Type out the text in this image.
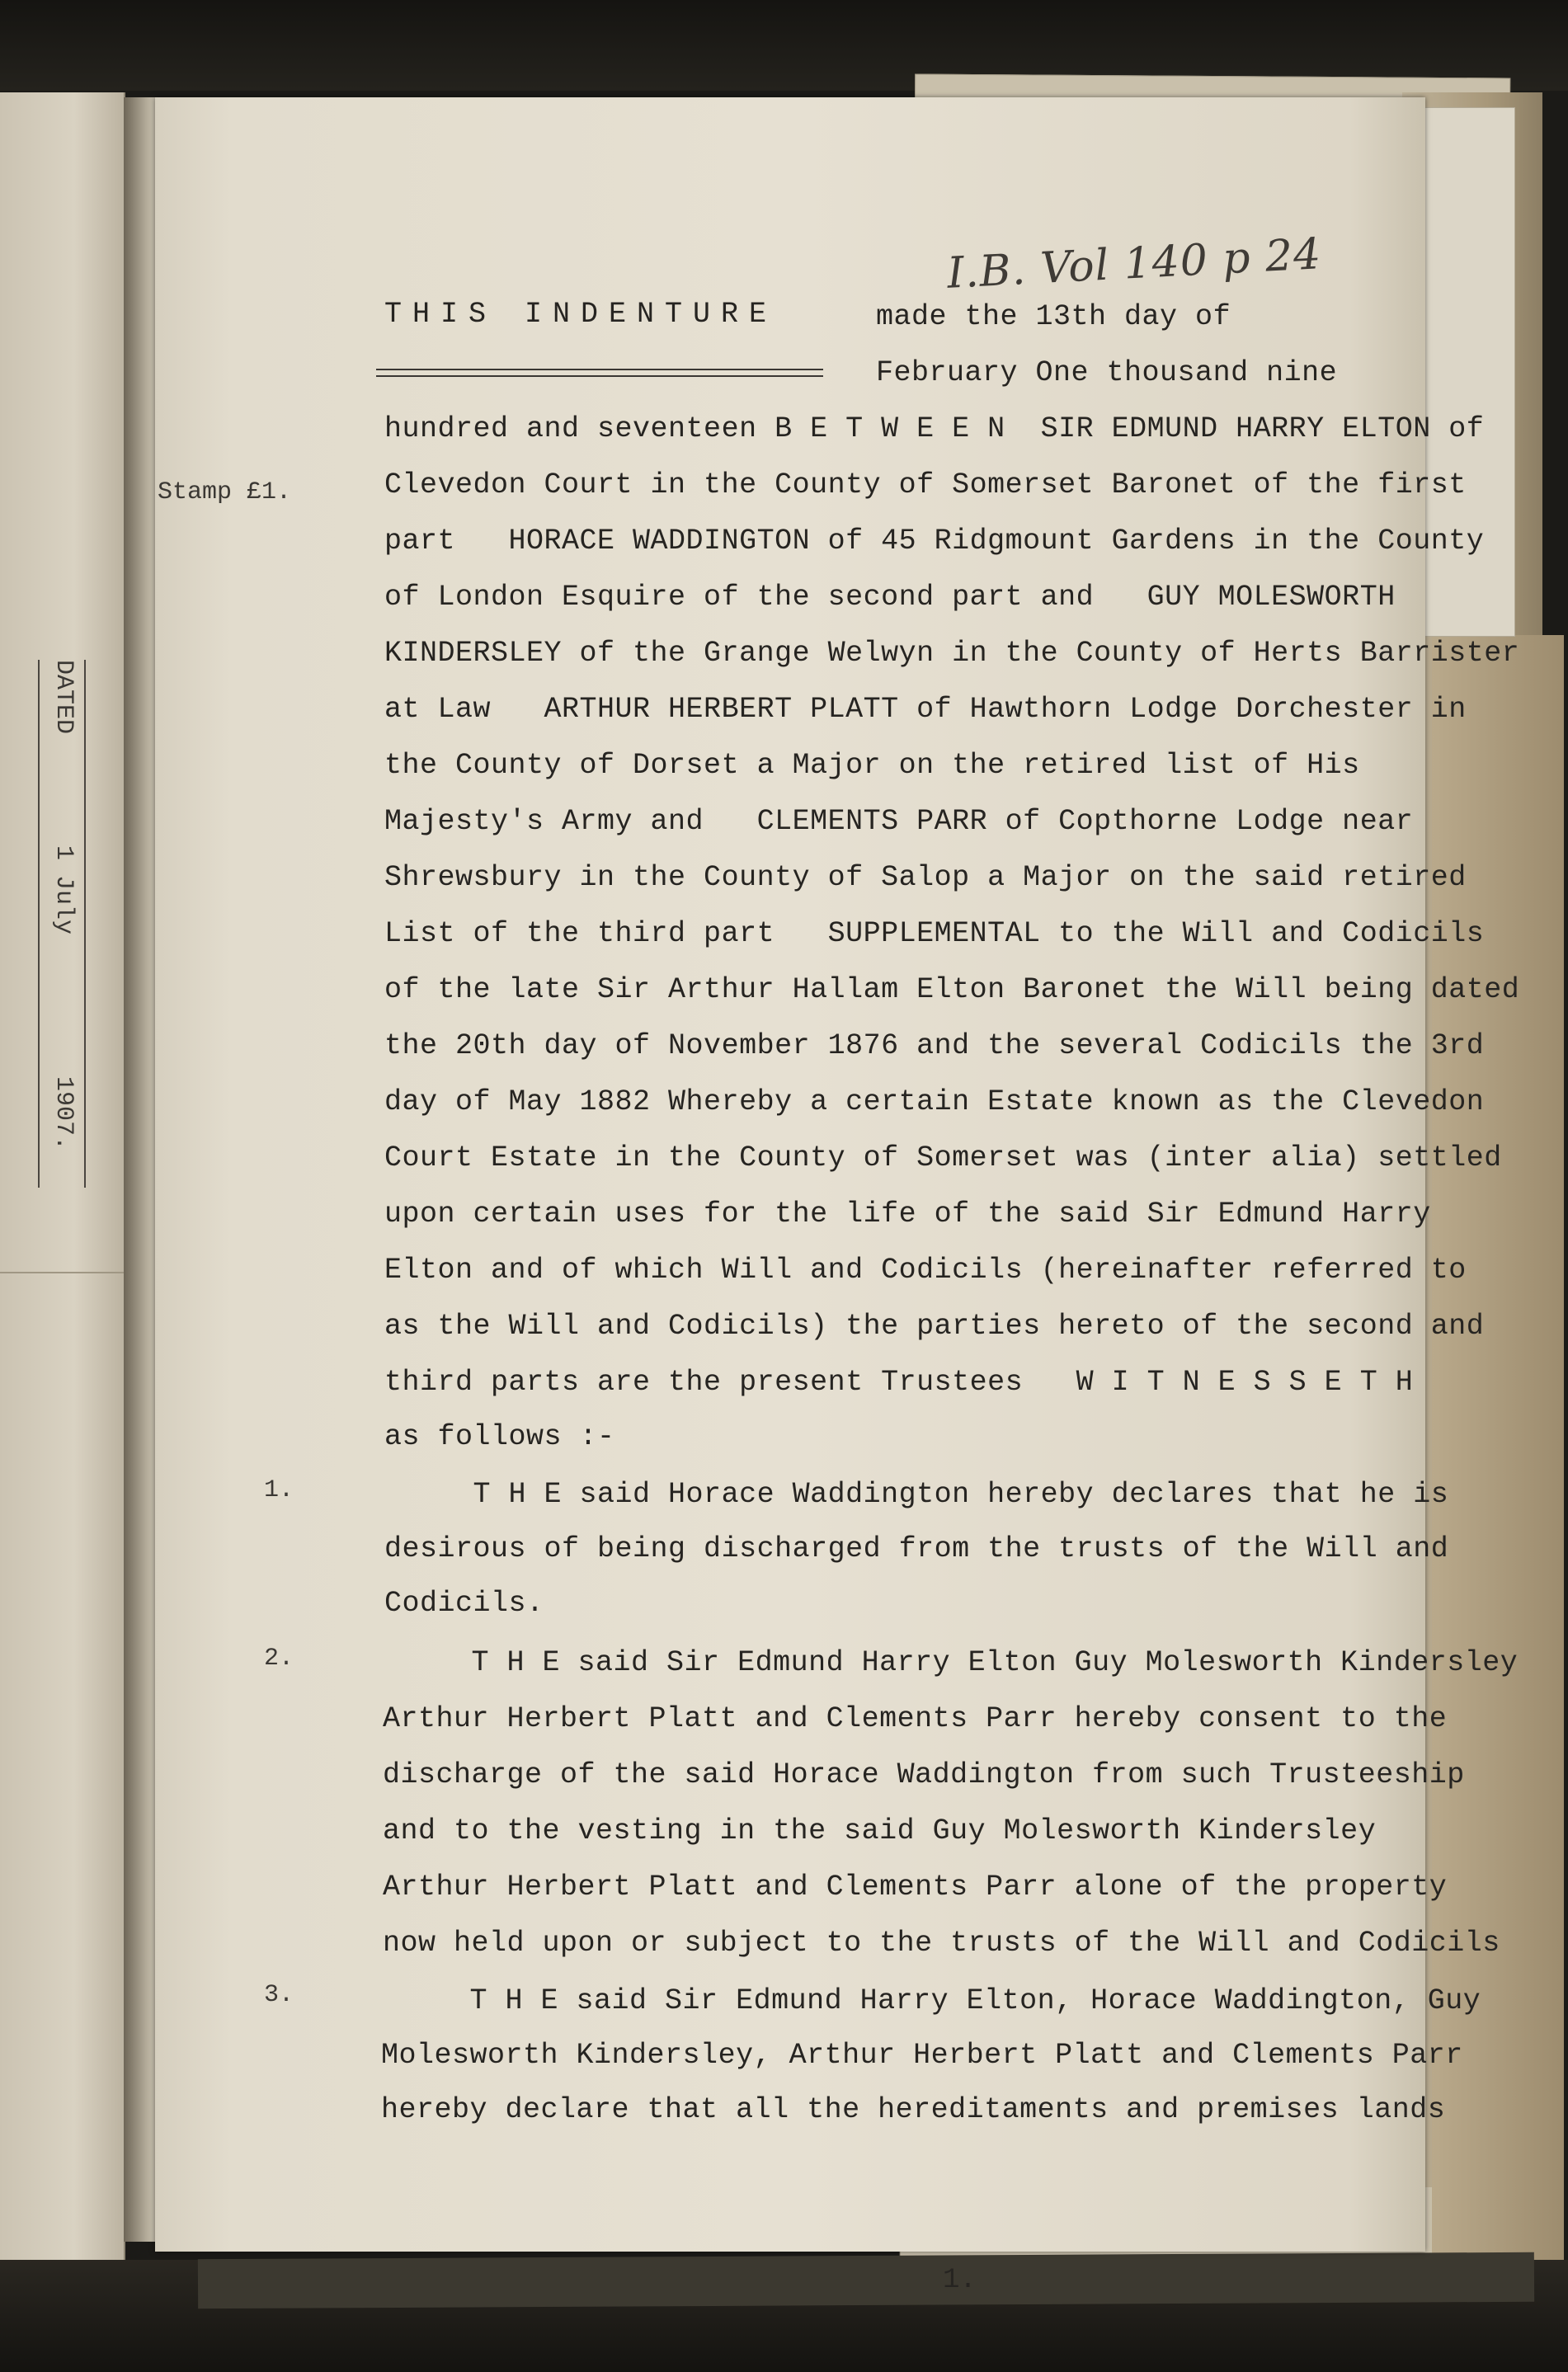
DATED
1 July
1907.
I.B. Vol 140 p 24

Stamp £1.

THIS INDENTURE	made the 13th day of

February One thousand nine

hundred and seventeen B E T W E E N  SIR EDMUND HARRY ELTON of

Clevedon Court in the County of Somerset Baronet of the first

part   HORACE WADDINGTON of 45 Ridgmount Gardens in the County

of London Esquire of the second part and   GUY MOLESWORTH

KINDERSLEY of the Grange Welwyn in the County of Herts Barrister

at Law   ARTHUR HERBERT PLATT of Hawthorn Lodge Dorchester in

the County of Dorset a Major on the retired list of His

Majesty's Army and   CLEMENTS PARR of Copthorne Lodge near

Shrewsbury in the County of Salop a Major on the said retired

List of the third part   SUPPLEMENTAL to the Will and Codicils

of the late Sir Arthur Hallam Elton Baronet the Will being dated

the 20th day of November 1876 and the several Codicils the 3rd

day of May 1882 Whereby a certain Estate known as the Clevedon

Court Estate in the County of Somerset was (inter alia) settled

upon certain uses for the life of the said Sir Edmund Harry

Elton and of which Will and Codicils (hereinafter referred to

as the Will and Codicils) the parties hereto of the second and

third parts are the present Trustees   W I T N E S S E T H

as follows :-

1.	T H E said Horace Waddington hereby declares that he is

desirous of being discharged from the trusts of the Will and

Codicils.

2.	T H E said Sir Edmund Harry Elton Guy Molesworth Kindersley

Arthur Herbert Platt and Clements Parr hereby consent to the

discharge of the said Horace Waddington from such Trusteeship

and to the vesting in the said Guy Molesworth Kindersley

Arthur Herbert Platt and Clements Parr alone of the property

now held upon or subject to the trusts of the Will and Codicils

3.	T H E said Sir Edmund Harry Elton, Horace Waddington, Guy

Molesworth Kindersley, Arthur Herbert Platt and Clements Parr

hereby declare that all the hereditaments and premises lands

1.
